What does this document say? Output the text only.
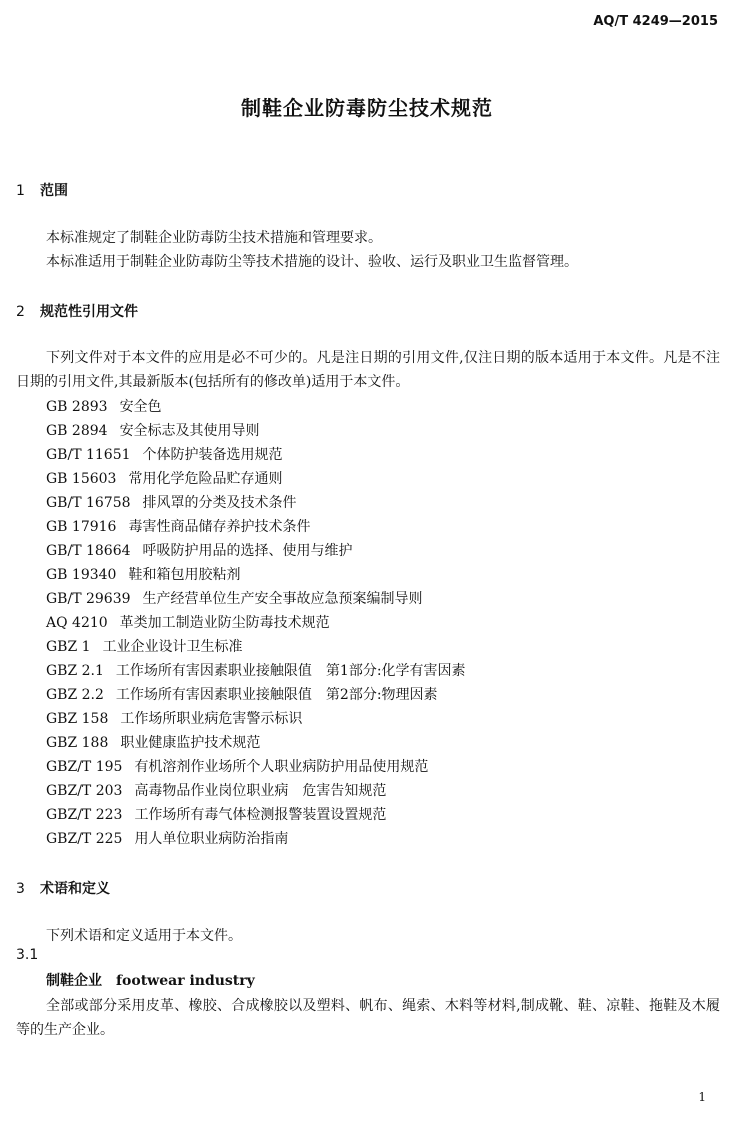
AQ/T 4249—2015
制鞋企业防毒防尘技术规范
1 范围

本标准规定了制鞋企业防毒防尘技术措施和管理要求。

本标准适用于制鞋企业防毒防尘等技术措施的设计、验收、运行及职业卫生监督管理。

2 规范性引用文件

下列文件对于本文件的应用是必不可少的。凡是注日期的引用文件,仅注日期的版本适用于本文件。凡是不注日期的引用文件,其最新版本(包括所有的修改单)适用于本文件。

GB 2893 安全色
GB 2894 安全标志及其使用导则
GB/T 11651 个体防护装备选用规范
GB 15603 常用化学危险品贮存通则
GB/T 16758 排风罩的分类及技术条件
GB 17916 毒害性商品储存养护技术条件
GB/T 18664 呼吸防护用品的选择、使用与维护
GB 19340 鞋和箱包用胶粘剂
GB/T 29639 生产经营单位生产安全事故应急预案编制导则
AQ 4210 革类加工制造业防尘防毒技术规范
GBZ 1 工业企业设计卫生标准
GBZ 2.1 工作场所有害因素职业接触限值　第1部分:化学有害因素
GBZ 2.2 工作场所有害因素职业接触限值　第2部分:物理因素
GBZ 158 工作场所职业病危害警示标识
GBZ 188 职业健康监护技术规范
GBZ/T 195 有机溶剂作业场所个人职业病防护用品使用规范
GBZ/T 203 高毒物品作业岗位职业病　危害告知规范
GBZ/T 223 工作场所有毒气体检测报警装置设置规范
GBZ/T 225 用人单位职业病防治指南
3 术语和定义

下列术语和定义适用于本文件。

3.1
制鞋企业 footwear industry

全部或部分采用皮革、橡胶、合成橡胶以及塑料、帆布、绳索、木料等材料,制成靴、鞋、凉鞋、拖鞋及木履等的生产企业。

1
